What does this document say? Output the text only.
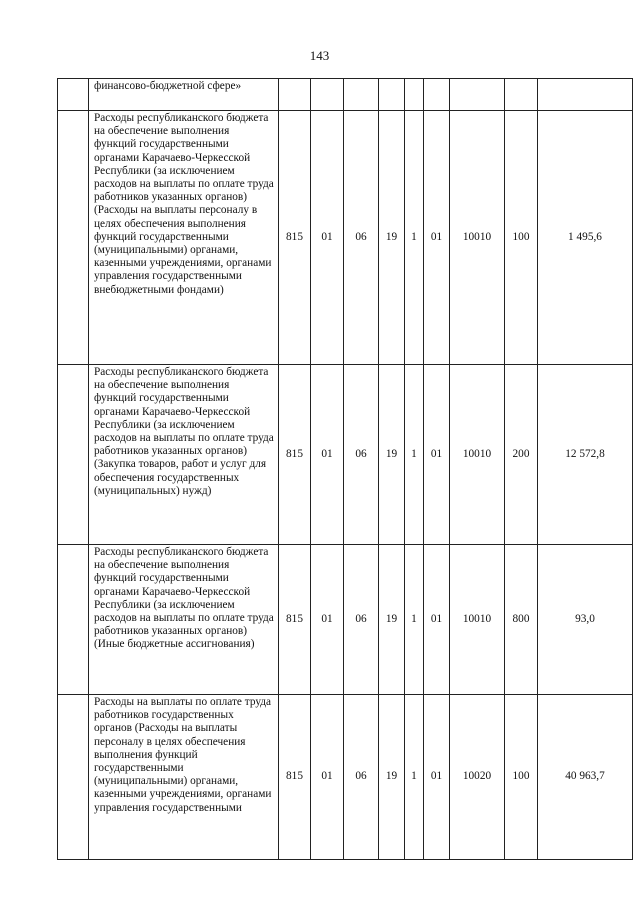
143
	финансово-бюджетной сфере»									
	Расходы республиканского бюджета на обеспечение выполнения функций государственными органами Карачаево-Черкесской Республики (за исключением расходов на выплаты по оплате труда работников указанных органов) (Расходы на выплаты персоналу в целях обеспечения выполнения функций государственными (муниципальными) органами, казенными учреждениями, органами управления государственными внебюджетными фондами)	815	01	06	19	1	01	10010	100	1 495,6
	Расходы республиканского бюджета на обеспечение выполнения функций государственными органами Карачаево-Черкесской Республики (за исключением расходов на выплаты по оплате труда работников указанных органов) (Закупка товаров, работ и услуг для обеспечения государственных (муниципальных) нужд)	815	01	06	19	1	01	10010	200	12 572,8
	Расходы республиканского бюджета на обеспечение выполнения функций государственными органами Карачаево-Черкесской Республики (за исключением расходов на выплаты по оплате труда работников указанных органов) (Иные бюджетные ассигнования)	815	01	06	19	1	01	10010	800	93,0
	Расходы на выплаты по оплате труда работников государственных органов (Расходы на выплаты персоналу в целях обеспечения выполнения функций государственными (муниципальными) органами, казенными учреждениями, органами управления государственными	815	01	06	19	1	01	10020	100	40 963,7
